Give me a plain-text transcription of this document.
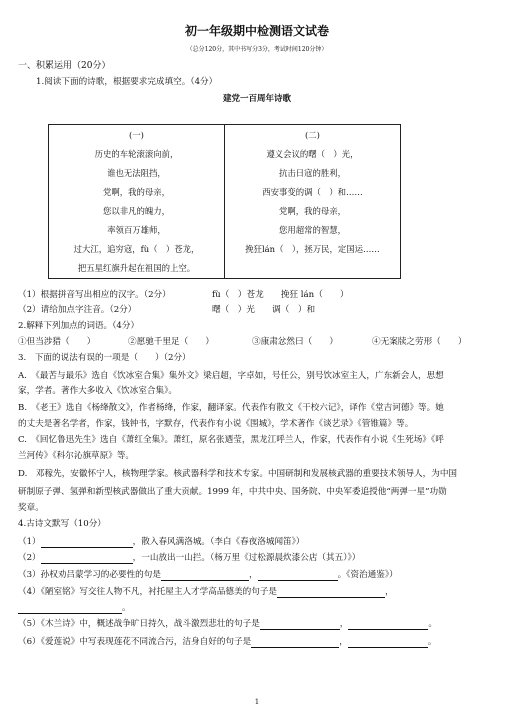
初一年级期中检测语文试卷
（总分120分，其中书写分3分，考试时间120分钟）
一、积累运用（20分）
1.阅读下面的诗歌，根据要求完成填空。（4分）
建党一百周年诗歌
(一)
历史的车轮滚滚向前，
谁也无法阻挡，
党啊，我的母亲，
您以非凡的魄力，
率领百万雄师，
过大江，追穷寇，fù（　）苍龙，
把五星红旗升起在祖国的上空。

(二)
遵义会议的曙（　）光，
抗击日寇的胜利，
西安事变的调（　）和……
党啊，我的母亲，
您用超常的智慧，
挽狂lán（　），拯万民，定国运……
（1）根据拼音写出相应的汉字。（2分）	fù（　）苍龙　　挽狂 lán（　　）
（2）请给加点字注音。（2分）	曙（　）光　　调（　）和
2.解释下列加点的词语。（4分）
①但当涉猎（　　）	②愿驰千里足（　　）	③康肃忿然曰（　　）	④无案牍之劳形（　　）
3.　下面的说法有误的一项是（　　）（2分）
A.　《最苦与最乐》选自《饮冰室合集》集外文》梁启超，字卓如，号任公，别号饮冰室主人，广东新会人，思想
家，学者。著作大多收入《饮冰室合集》。
B.　《老王》选自《杨绛散文》，作者杨绛，作家，翻译家。代表作有散文《干校六记》，译作《堂吉诃德》等。她
的丈夫是著名学者，作家，钱钟书，字默存，代表作有小说《围城》，学术著作《谈艺录》《管锥篇》等。
C.　《回忆鲁迅先生》选自《萧红全集》。萧红，原名张迺莹，黑龙江呼兰人，作家，代表作有小说《生死场》《呼
兰河传》《科尔沁旗草原》等。
D.　邓稼先，安徽怀宁人，核物理学家。核武器科学和技术专家。中国研制和发展核武器的重要技术领导人，为中国
研制原子弹、氢弹和新型核武器做出了重大贡献。1999 年，中共中央、国务院、中央军委追授他“两弹一星”功勋
奖章。
4.古诗文默写（10分）
（1）	，散入春风满洛城。（李白《春夜洛城闻笛》）
（2）	，一山放出一山拦。（杨万里《过松源晨炊漆公店（其五）》）
（3）孙权劝吕蒙学习的必要性的句是	，	。《资治通鉴》）
（4）《陋室铭》写交往人物不凡，衬托屋主人才学高品德美的句子是	，
。
（5）《木兰诗》中，概述战争旷日持久，战斗激烈悲壮的句子是	，	。
（6）《爱莲说》中写表现莲花不同流合污，洁身自好的句子是	，	。
1
